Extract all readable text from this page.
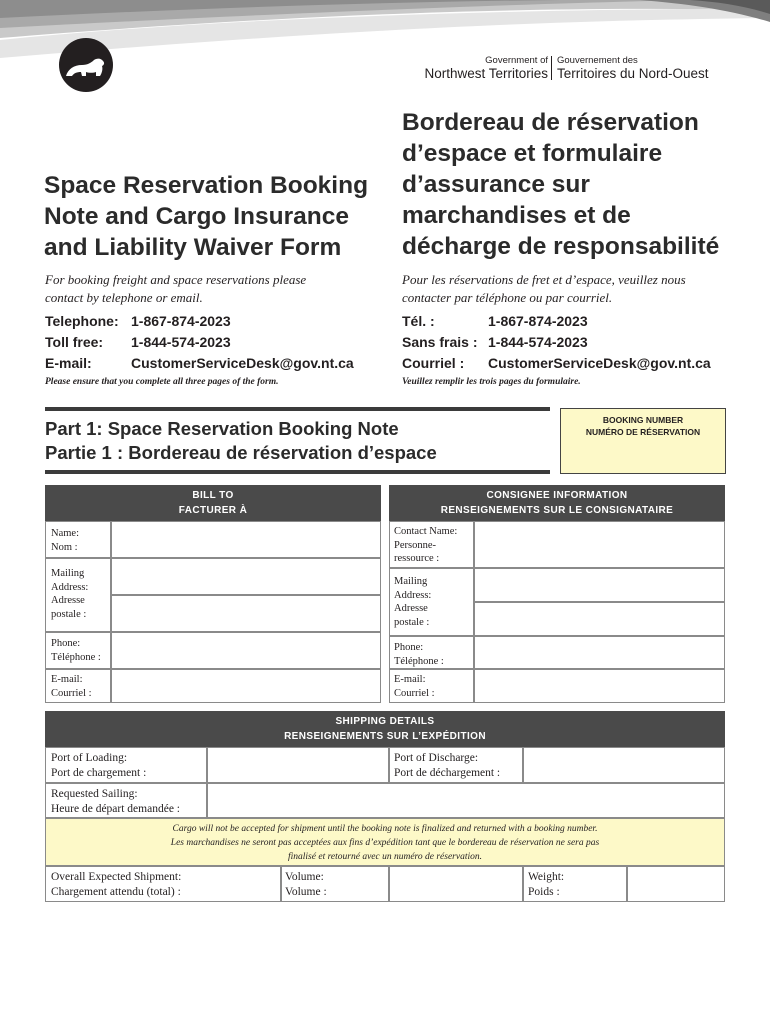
Government of
Northwest Territories
Gouvernement des
Territoires du Nord-Ouest
Space Reservation Booking
Note and Cargo Insurance
and Liability Waiver Form
Bordereau de réservation
d’espace et formulaire
d’assurance sur
marchandises et de
décharge de responsabilité
For booking freight and space reservations please
contact by telephone or email.
Pour les réservations de fret et d’espace, veuillez nous
contacter par téléphone ou par courriel.
Telephone: 1-867-874-2023
Toll free:	1-844-574-2023
E-mail:	CustomerServiceDesk@gov.nt.ca
Tél. :	1-867-874-2023
Sans frais : 1-844-574-2023
Courriel :	CustomerServiceDesk@gov.nt.ca
Please ensure that you complete all three pages of the form.	Veuillez remplir les trois pages du formulaire.
Part 1: Space Reservation Booking Note
Partie 1 : Bordereau de réservation d’espace
BOOKING NUMBER
NUMÉRO DE RÉSERVATION
BILL TO
FACTURER À
Name:
Nom :
Mailing
Address:
Adresse
postale :
Phone:
Téléphone :
E-mail:
Courriel :
CONSIGNEE INFORMATION
RENSEIGNEMENTS SUR LE CONSIGNATAIRE
Contact Name:
Personne-
ressource :
Mailing
Address:
Adresse
postale :
Phone:
Téléphone :
E-mail:
Courriel :
SHIPPING DETAILS
RENSEIGNEMENTS SUR L’EXPÉDITION
Port of Loading:
Port de chargement :
Port of Discharge:
Port de déchargement :
Requested Sailing:
Heure de départ demandée :
Cargo will not be accepted for shipment until the booking note is finalized and returned with a booking number.
Les marchandises ne seront pas acceptées aux fins d’expédition tant que le bordereau de réservation ne sera pas
finalisé et retourné avec un numéro de réservation.
Overall Expected Shipment:
Chargement attendu (total) :
Volume:
Volume :
Weight:
Poids :
